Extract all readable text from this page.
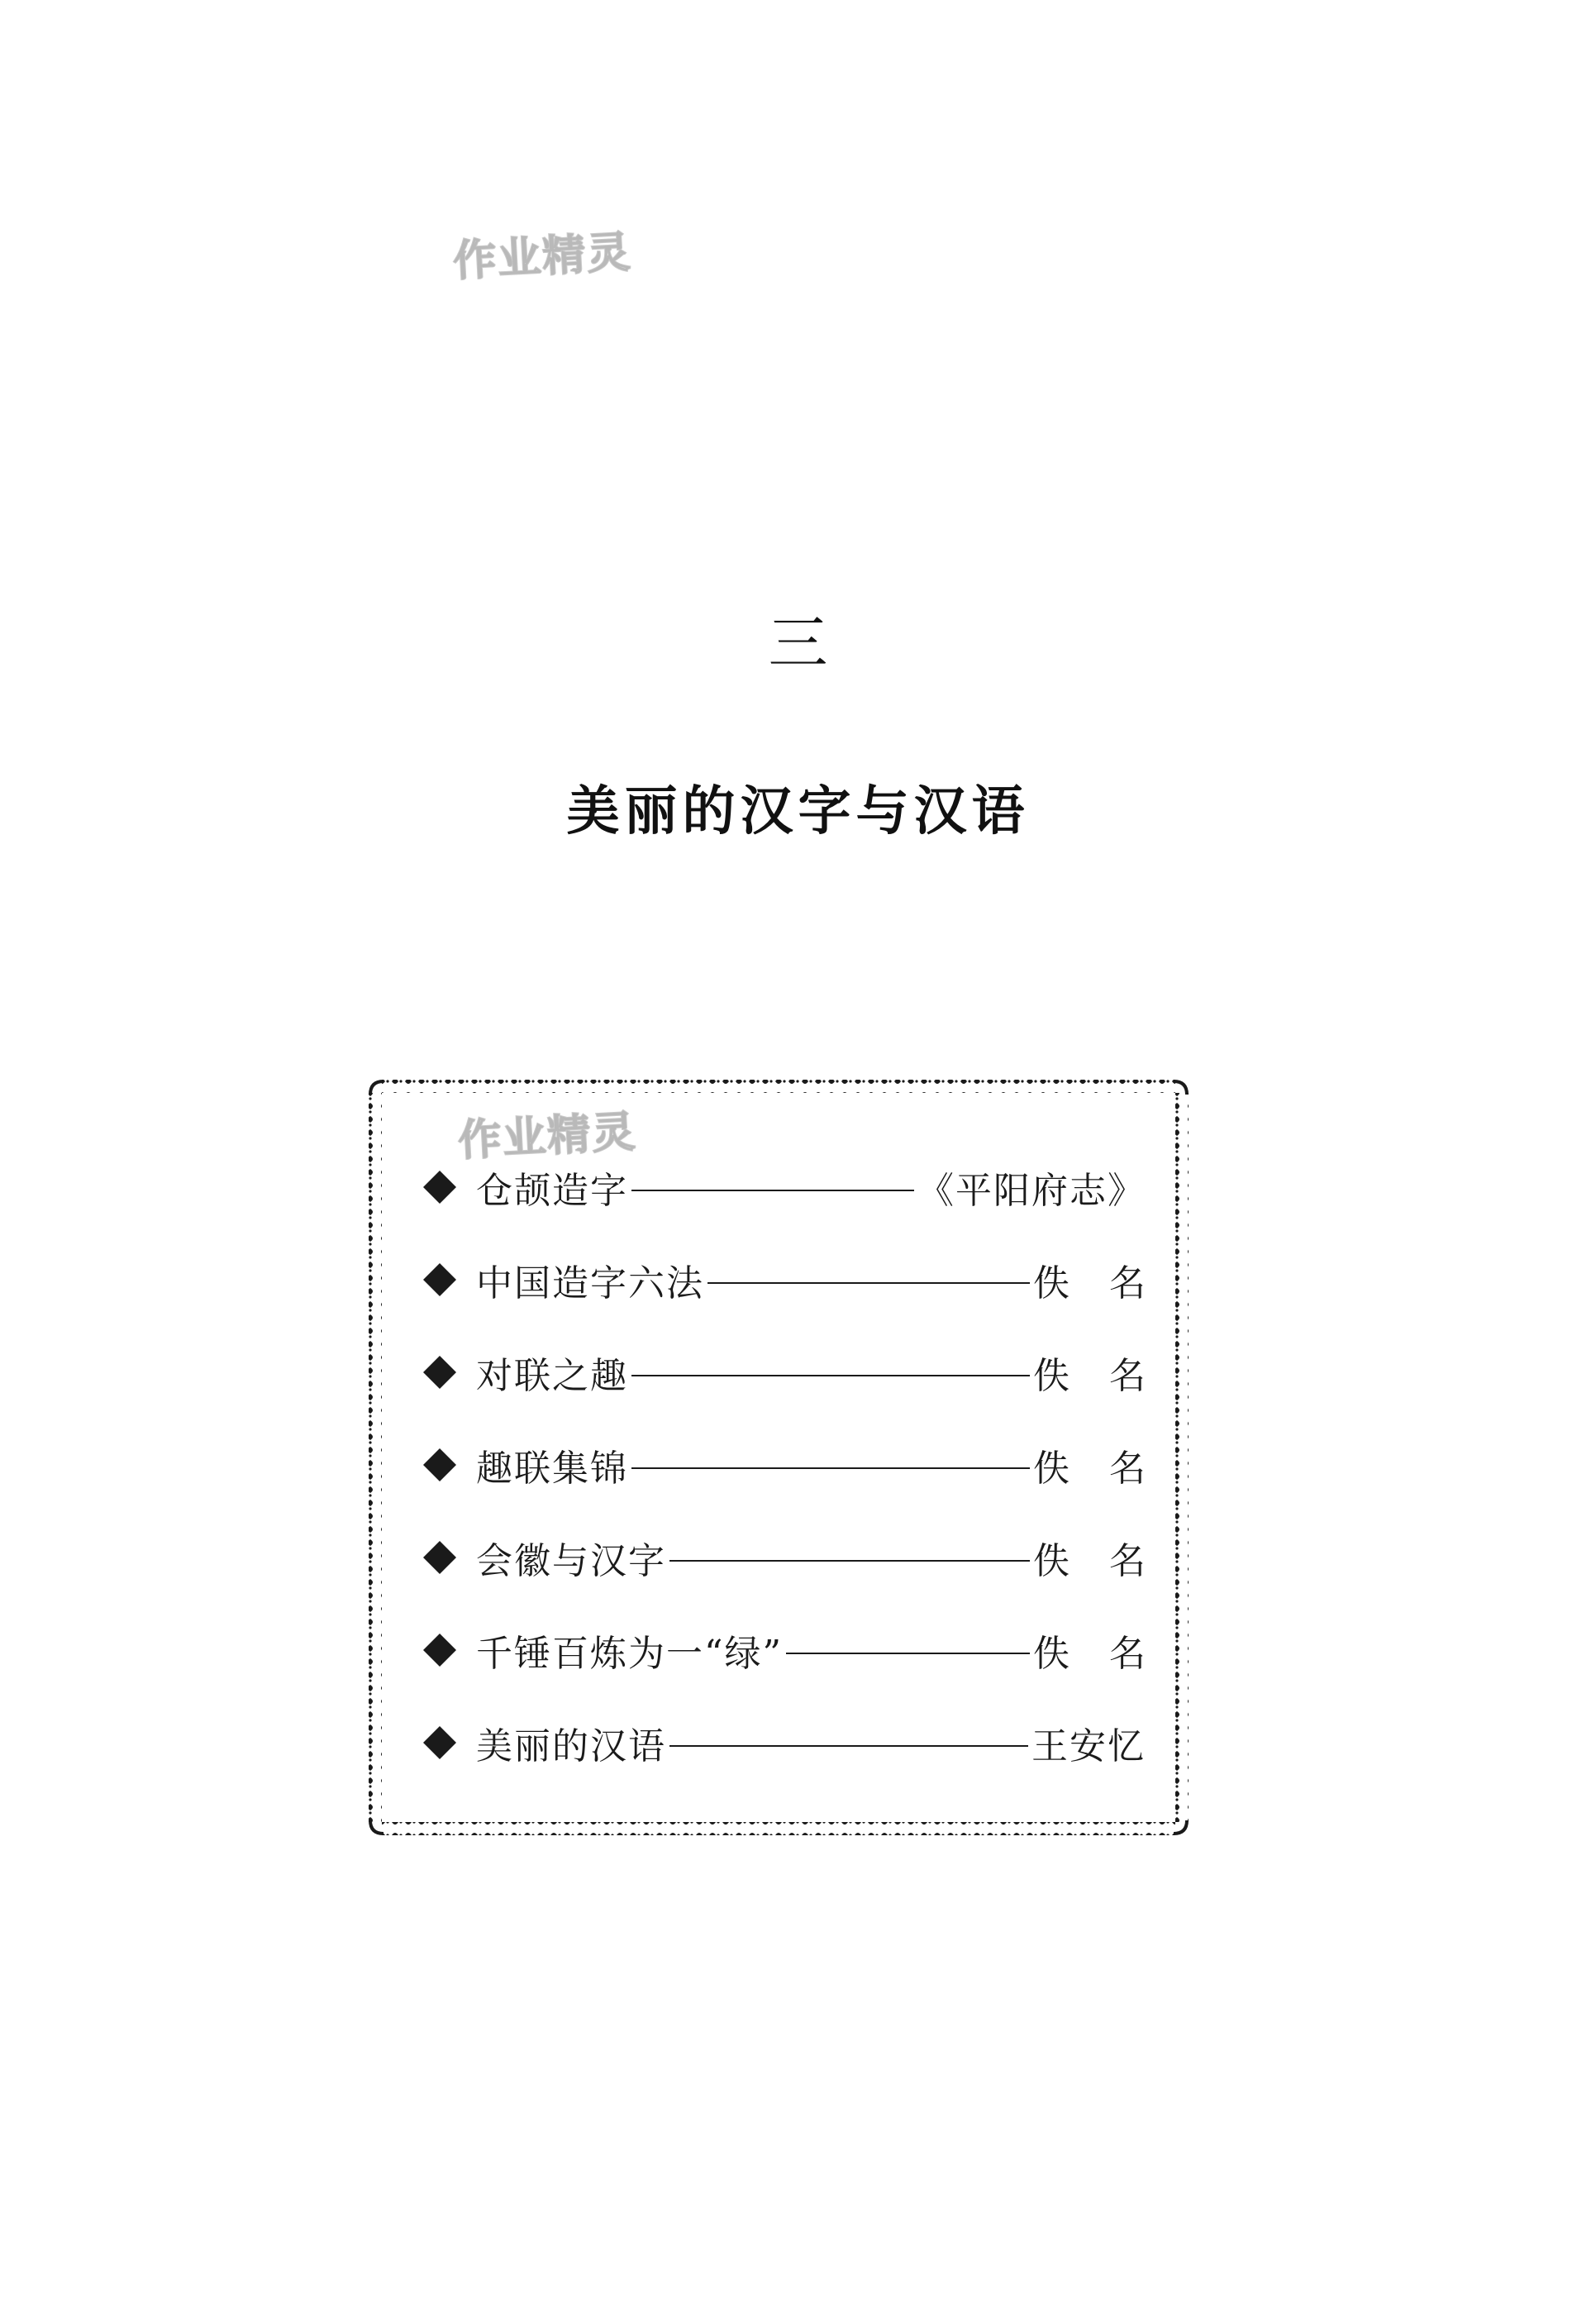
作业精灵
三
美丽的汉字与汉语
作业精灵
仓颉造字	《平阳府志》
中国造字六法	佚名
对联之趣	佚名
趣联集锦	佚名
会徽与汉字	佚名
千锤百炼为一“绿”	佚名
美丽的汉语	王安忆
